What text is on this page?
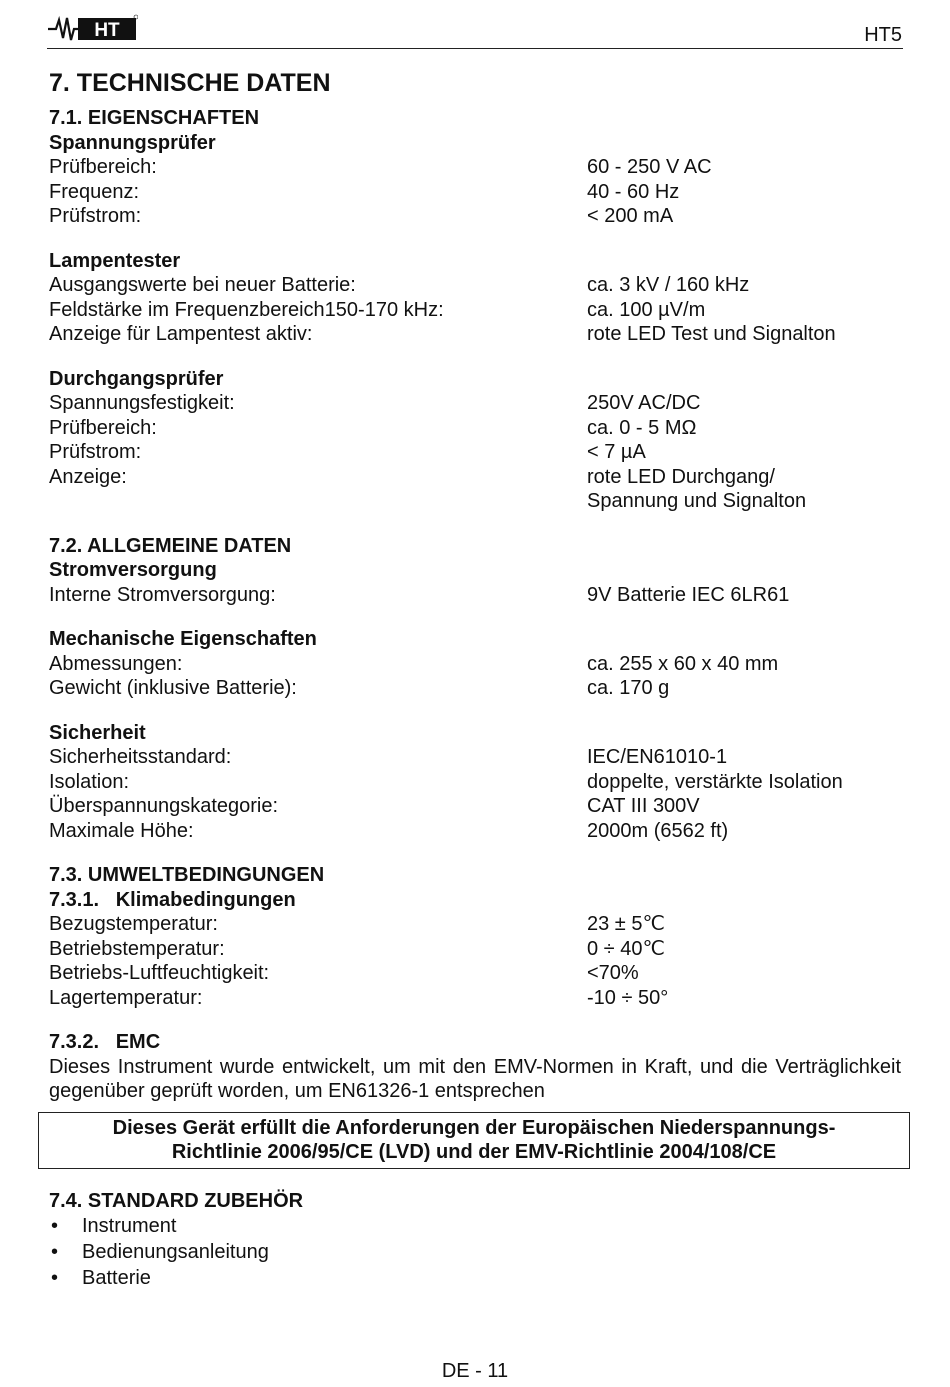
HT	HT5
7. TECHNISCHE DATEN
7.1. EIGENSCHAFTEN
Spannungsprüfer
Prüfbereich:	60 - 250 V AC
Frequenz:	40 - 60 Hz
Prüfstrom:	< 200 mA
Lampentester
Ausgangswerte bei neuer Batterie:	ca. 3 kV / 160 kHz
Feldstärke im Frequenzbereich150-170 kHz:	ca. 100 µV/m
Anzeige für Lampentest aktiv:	rote LED Test und Signalton
Durchgangsprüfer
Spannungsfestigkeit:	250V AC/DC
Prüfbereich:	ca. 0 - 5 MΩ
Prüfstrom:	< 7 µA
Anzeige:	rote LED Durchgang/
Spannung und Signalton
7.2. ALLGEMEINE DATEN
Stromversorgung
Interne Stromversorgung:	9V Batterie IEC 6LR61
Mechanische Eigenschaften
Abmessungen:	ca. 255 x 60 x 40 mm
Gewicht (inklusive Batterie):	ca. 170 g
Sicherheit
Sicherheitsstandard:	IEC/EN61010-1
Isolation:	doppelte, verstärkte Isolation
Überspannungskategorie:	CAT III 300V
Maximale Höhe:	2000m (6562 ft)
7.3. UMWELTBEDINGUNGEN
7.3.1.   Klimabedingungen
Bezugstemperatur:	23 ± 5℃
Betriebstemperatur:	0 ÷ 40℃
Betriebs-Luftfeuchtigkeit:	<70%
Lagertemperatur:	-10 ÷ 50°
7.3.2.   EMC
Dieses Instrument wurde entwickelt, um mit den EMV-Normen in Kraft, und die Verträglichkeit gegenüber geprüft worden, um EN61326-1 entsprechen
Dieses Gerät erfüllt die Anforderungen der Europäischen Niederspannungs-
Richtlinie 2006/95/CE (LVD) und der EMV-Richtlinie 2004/108/CE
7.4. STANDARD ZUBEHÖR
•	Instrument
•	Bedienungsanleitung
•	Batterie
DE - 11
